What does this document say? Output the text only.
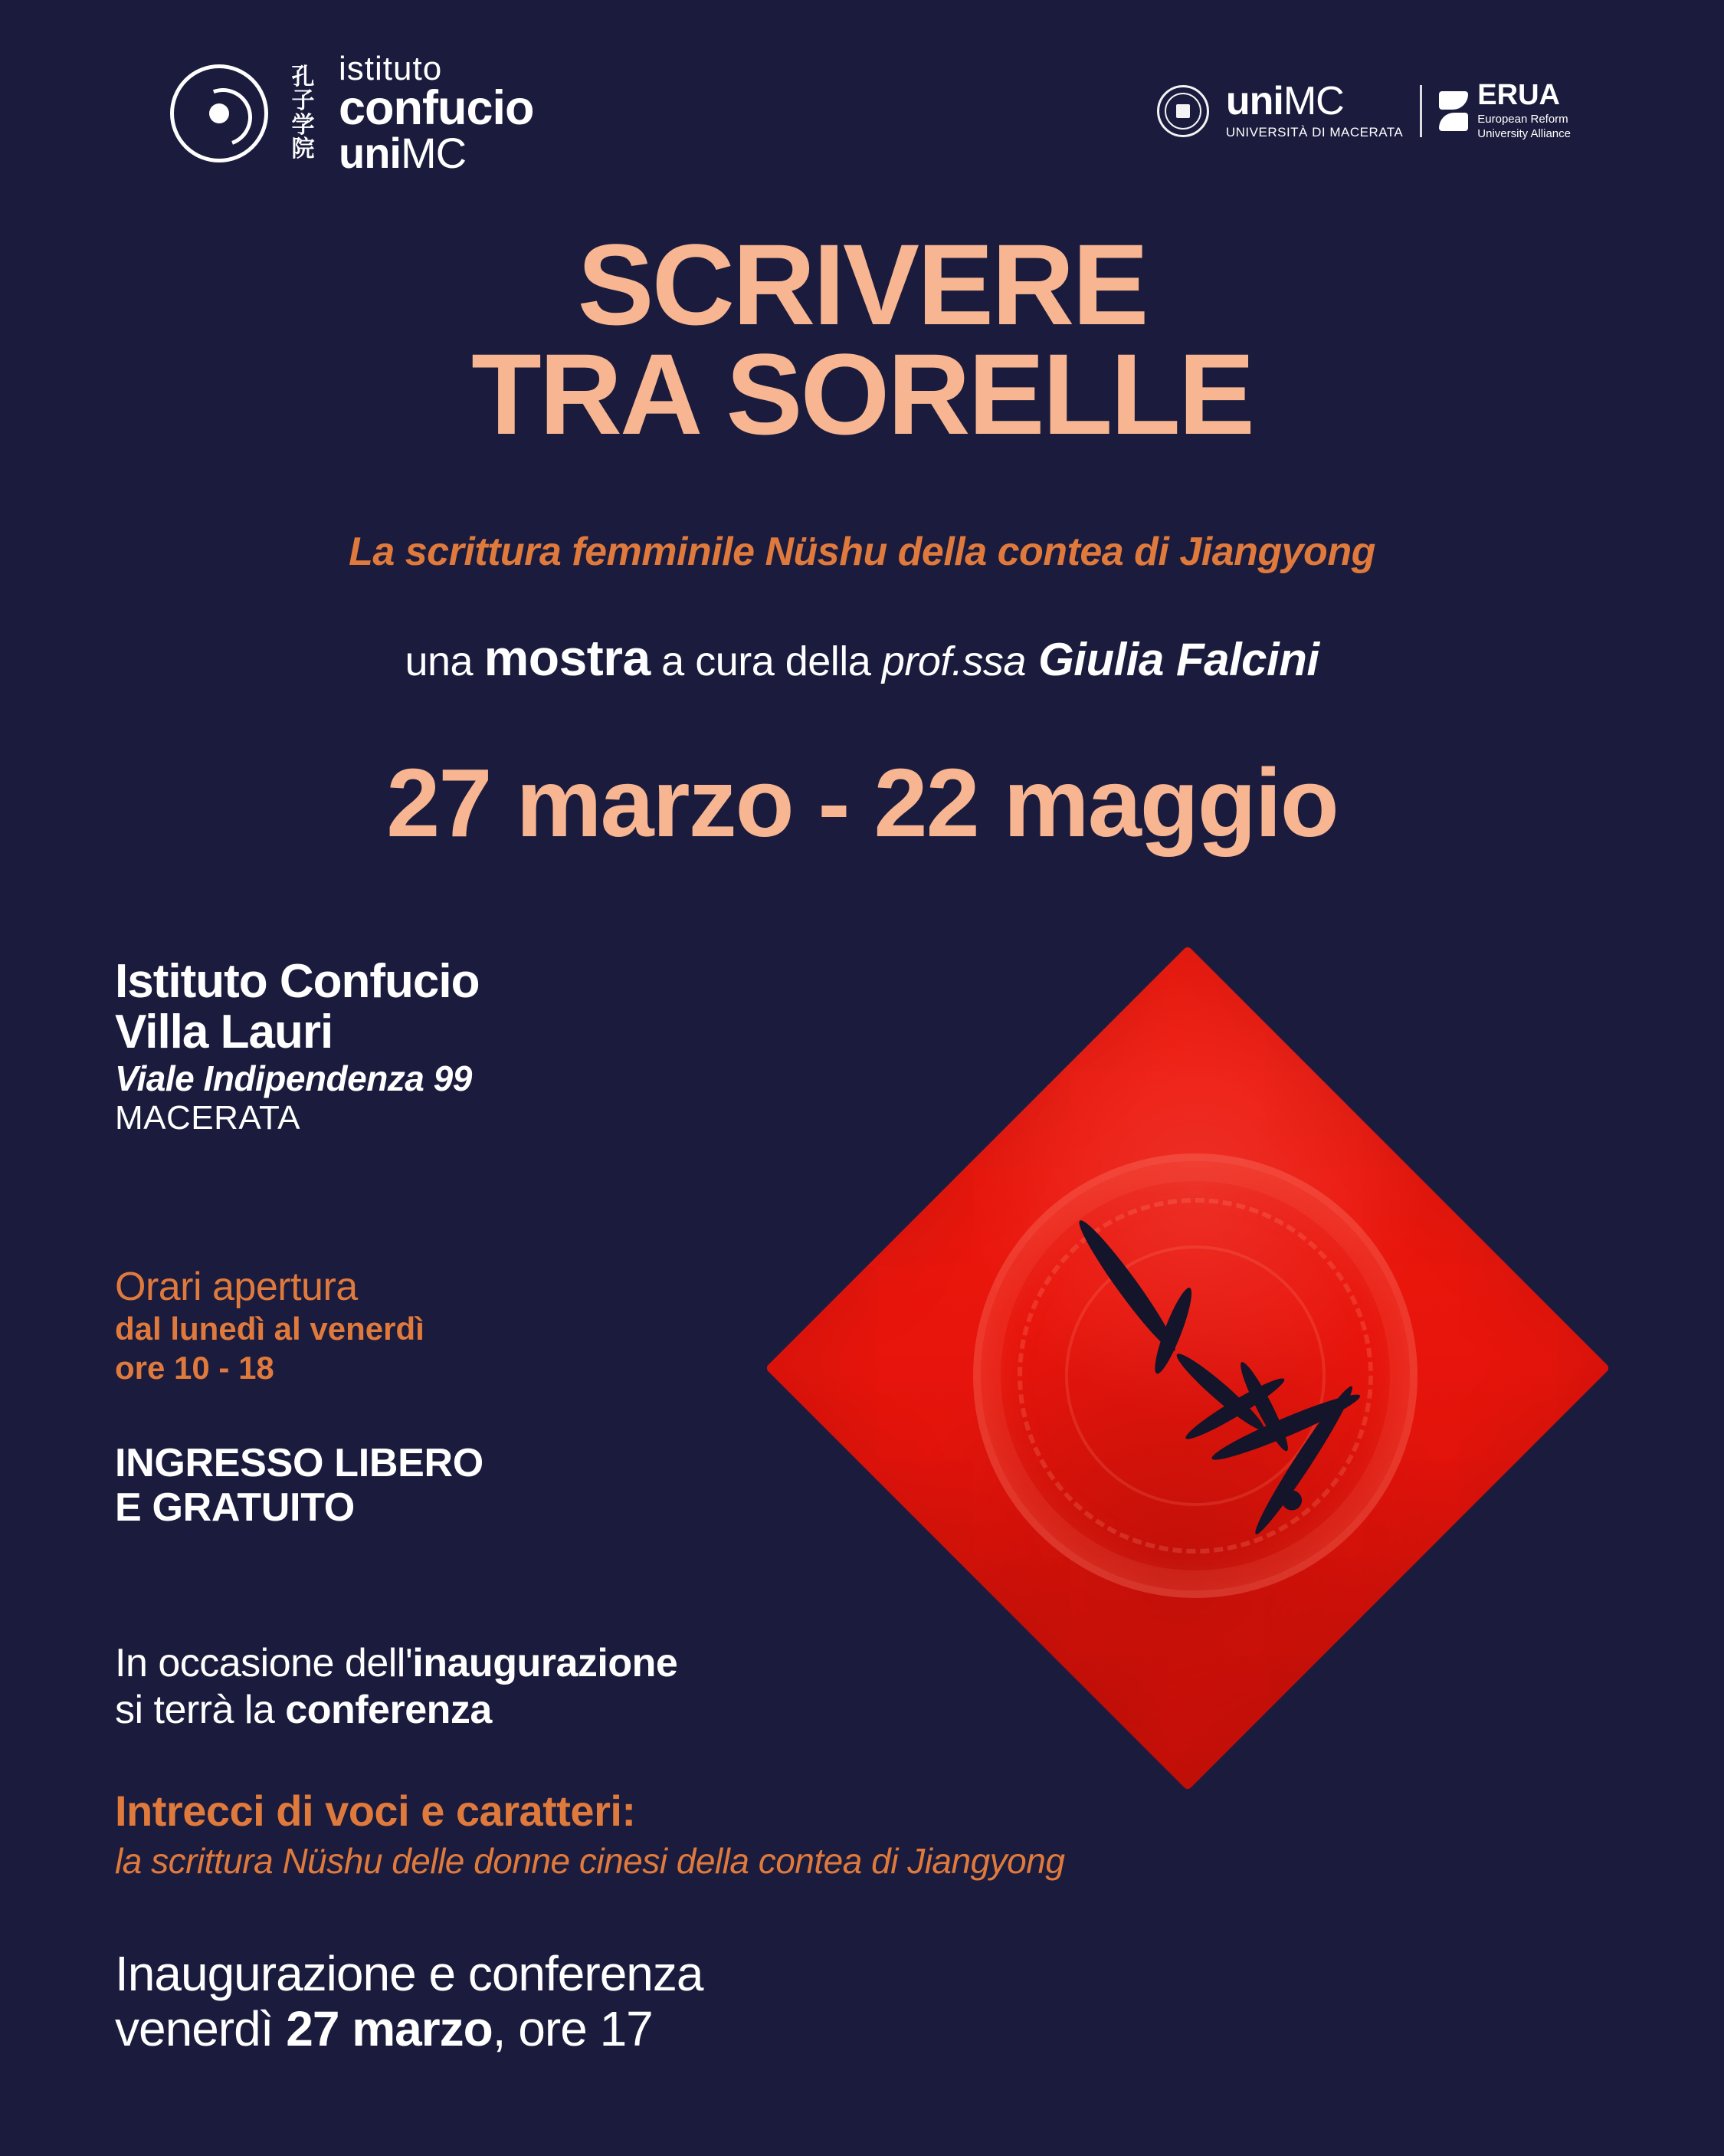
孔子学院
istituto
confucio
uniMC
uniMC
UNIVERSITÀ DI MACERATA
ERUA
European Reform
University Alliance
SCRIVERE
TRA SORELLE
La scrittura femminile Nüshu della contea di Jiangyong
una mostra a cura della prof.ssa Giulia Falcini
27 marzo - 22 maggio
Istituto Confucio
Villa Lauri
Viale Indipendenza 99
MACERATA
Orari apertura
dal lunedì al venerdì
ore 10 - 18
INGRESSO LIBERO
E GRATUITO
In occasione dell'inaugurazione
si terrà la conferenza
Intrecci di voci e caratteri:
la scrittura Nüshu delle donne cinesi della contea di Jiangyong
Inaugurazione e conferenza
venerdì 27 marzo, ore 17
